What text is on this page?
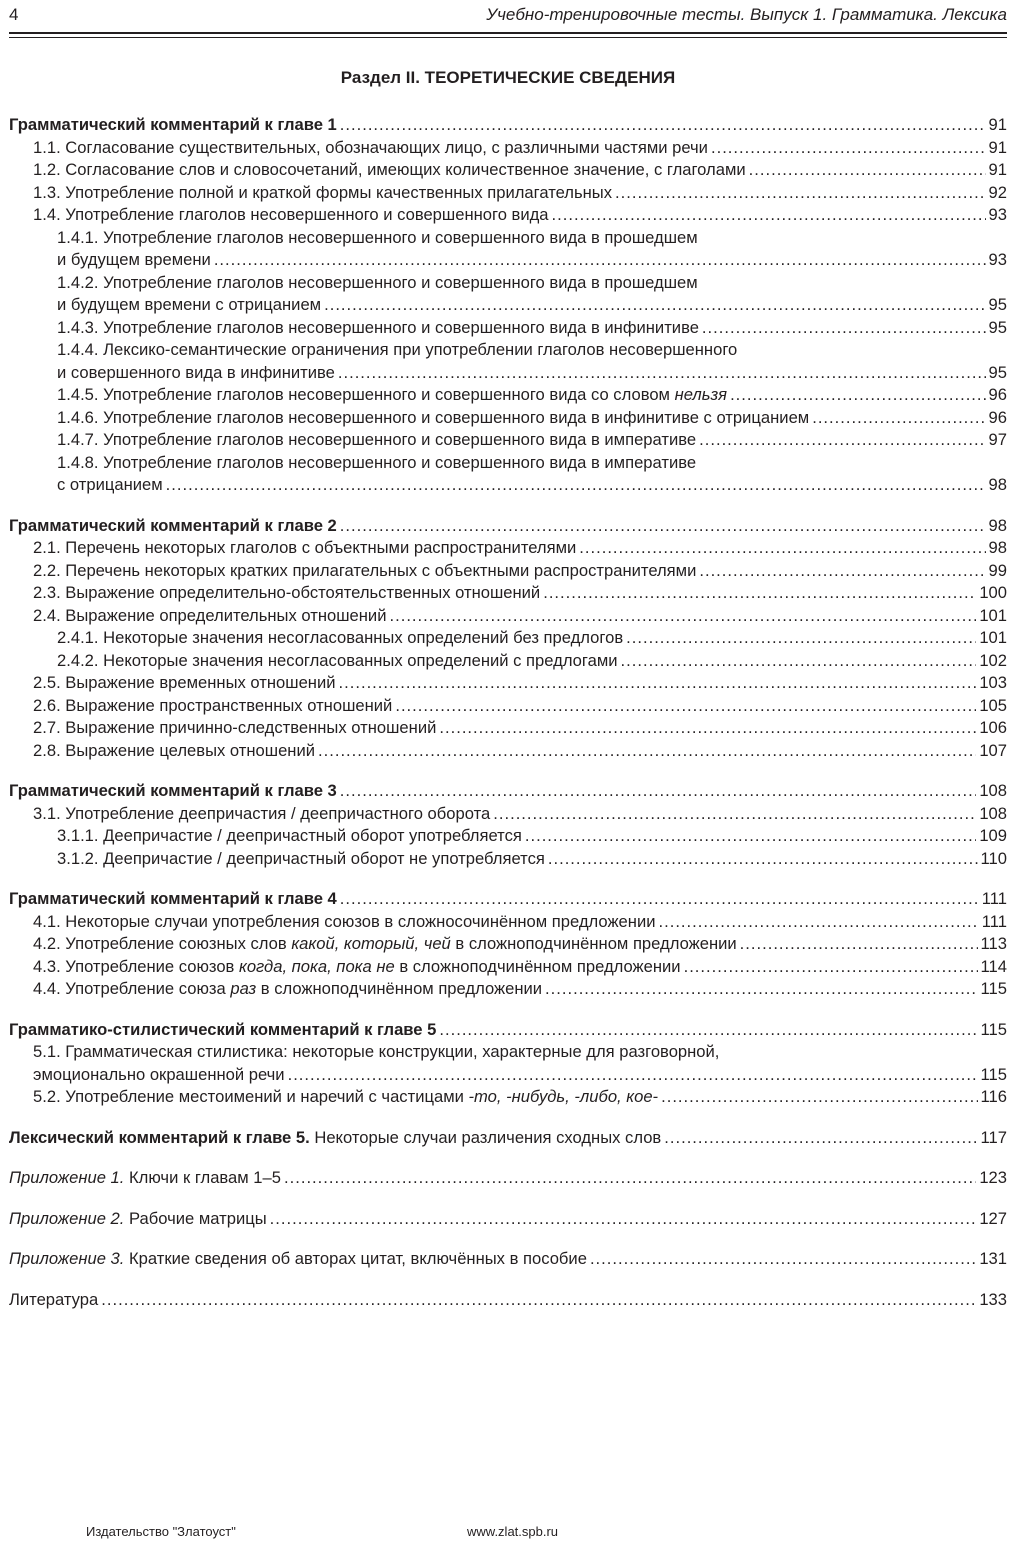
4	Учебно-тренировочные тесты. Выпуск 1. Грамматика. Лексика
Раздел II. ТЕОРЕТИЧЕСКИЕ СВЕДЕНИЯ
Грамматический комментарий к главе 1 .....	91
1.1. Согласование существительных, обозначающих лицо, с различными частями речи .....	91
1.2. Согласование слов и словосочетаний, имеющих количественное значение, с глаголами .....	91
1.3. Употребление полной и краткой формы качественных прилагательных .....	92
1.4. Употребление глаголов несовершенного и совершенного вида .....	93
1.4.1. Употребление глаголов несовершенного и совершенного вида в прошедшем
и будущем времени .....	93
1.4.2. Употребление глаголов несовершенного и совершенного вида в прошедшем
и будущем времени с отрицанием .....	95
1.4.3. Употребление глаголов несовершенного и совершенного вида в инфинитиве .....	95
1.4.4. Лексико-семантические ограничения при употреблении глаголов несовершенного
и совершенного вида в инфинитиве .....	95
1.4.5. Употребление глаголов несовершенного и совершенного вида со словом нельзя .....	96
1.4.6. Употребление глаголов несовершенного и совершенного вида в инфинитиве с отрицанием .....	96
1.4.7. Употребление глаголов несовершенного и совершенного вида в императиве .....	97
1.4.8. Употребление глаголов несовершенного и совершенного вида в императиве
с отрицанием .....	98
Грамматический комментарий к главе 2 .....	98
2.1. Перечень некоторых глаголов с объектными распространителями .....	98
2.2. Перечень некоторых кратких прилагательных с объектными распространителями .....	99
2.3. Выражение определительно-обстоятельственных отношений .....	100
2.4. Выражение определительных отношений .....	101
2.4.1. Некоторые значения несогласованных определений без предлогов .....	101
2.4.2. Некоторые значения несогласованных определений с предлогами .....	102
2.5. Выражение временных отношений .....	103
2.6. Выражение пространственных отношений .....	105
2.7. Выражение причинно-следственных отношений .....	106
2.8. Выражение целевых отношений .....	107
Грамматический комментарий к главе 3 .....	108
3.1. Употребление деепричастия / деепричастного оборота .....	108
3.1.1. Деепричастие / деепричастный оборот употребляется .....	109
3.1.2. Деепричастие / деепричастный оборот не употребляется .....	110
Грамматический комментарий к главе 4 .....	111
4.1. Некоторые случаи употребления союзов в сложносочинённом предложении .....	111
4.2. Употребление союзных слов какой, который, чей в сложноподчинённом предложении .....	113
4.3. Употребление союзов когда, пока, пока не в сложноподчинённом предложении .....	114
4.4. Употребление союза раз в сложноподчинённом предложении .....	115
Грамматико-стилистический комментарий к главе 5 .....	115
5.1. Грамматическая стилистика: некоторые конструкции, характерные для разговорной,
эмоционально окрашенной речи .....	115
5.2. Употребление местоимений и наречий с частицами -то, -нибудь, -либо, кое- .....	116
Лексический комментарий к главе 5. Некоторые случаи различения сходных слов .....	117
Приложение 1. Ключи к главам 1–5 .....	123
Приложение 2. Рабочие матрицы .....	127
Приложение 3. Краткие сведения об авторах цитат, включённых в пособие .....	131
Литература .....	133
Издательство "Златоуст"	www.zlat.spb.ru
